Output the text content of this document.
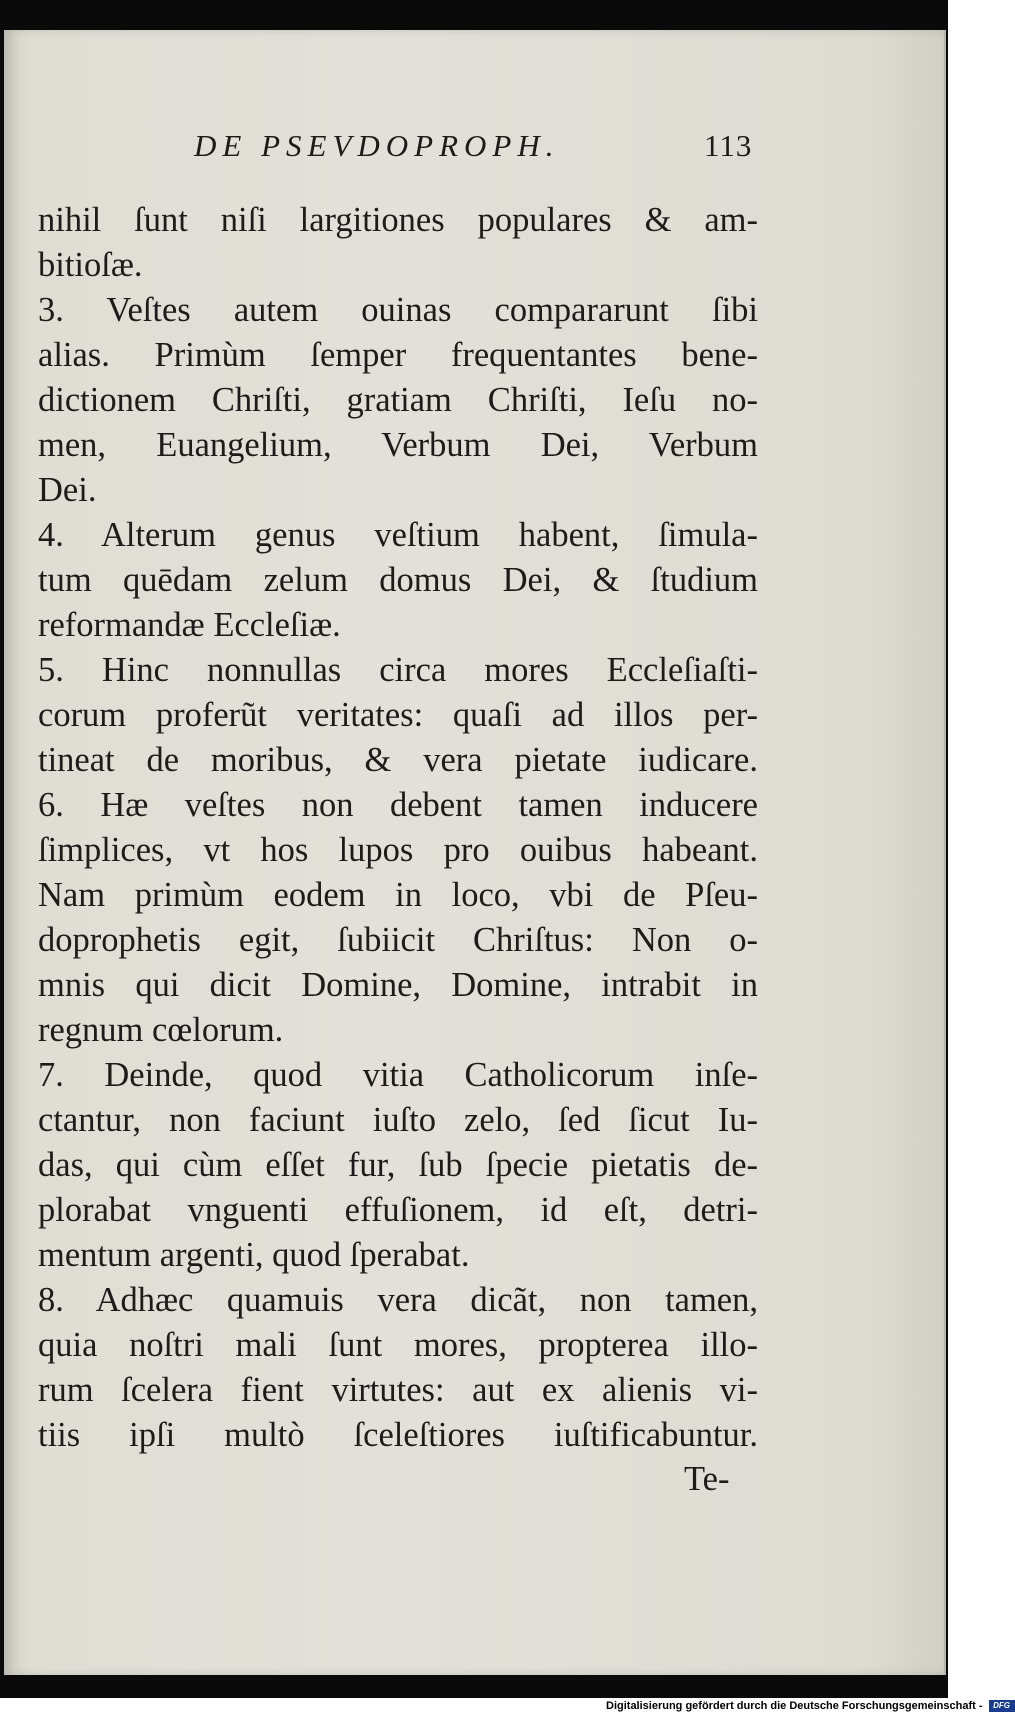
DE PSEVDOPROPH.	113
nihil ſunt niſi largitiones populares & am-
bitioſæ.
3. Veſtes autem ouinas compararunt ſibi
alias. Primùm ſemper frequentantes bene-
dictionem Chriſti, gratiam Chriſti, Ieſu no-
men, Euangelium, Verbum Dei, Verbum
Dei.
4. Alterum genus veſtium habent, ſimula-
tum quēdam zelum domus Dei, & ſtudium
reformandæ Eccleſiæ.
5. Hinc nonnullas circa mores Eccleſiaſti-
corum proferũt veritates: quaſi ad illos per-
tineat de moribus, & vera pietate iudicare.
6. Hæ veſtes non debent tamen inducere
ſimplices, vt hos lupos pro ouibus habeant.
Nam primùm eodem in loco, vbi de Pſeu-
doprophetis egit, ſubiicit Chriſtus: Non o-
mnis qui dicit Domine, Domine, intrabit in
regnum cœlorum.
7. Deinde, quod vitia Catholicorum inſe-
ctantur, non faciunt iuſto zelo, ſed ſicut Iu-
das, qui cùm eſſet fur, ſub ſpecie pietatis de-
plorabat vnguenti effuſionem, id eſt, detri-
mentum argenti, quod ſperabat.
8. Adhæc quamuis vera dicãt, non tamen,
quia noſtri mali ſunt mores, propterea illo-
rum ſcelera fient virtutes: aut ex alienis vi-
tiis ipſi multò ſceleſtiores iuſtificabuntur.
Te-
Digitalisierung gefördert durch die Deutsche Forschungsgemeinschaft - DFG
